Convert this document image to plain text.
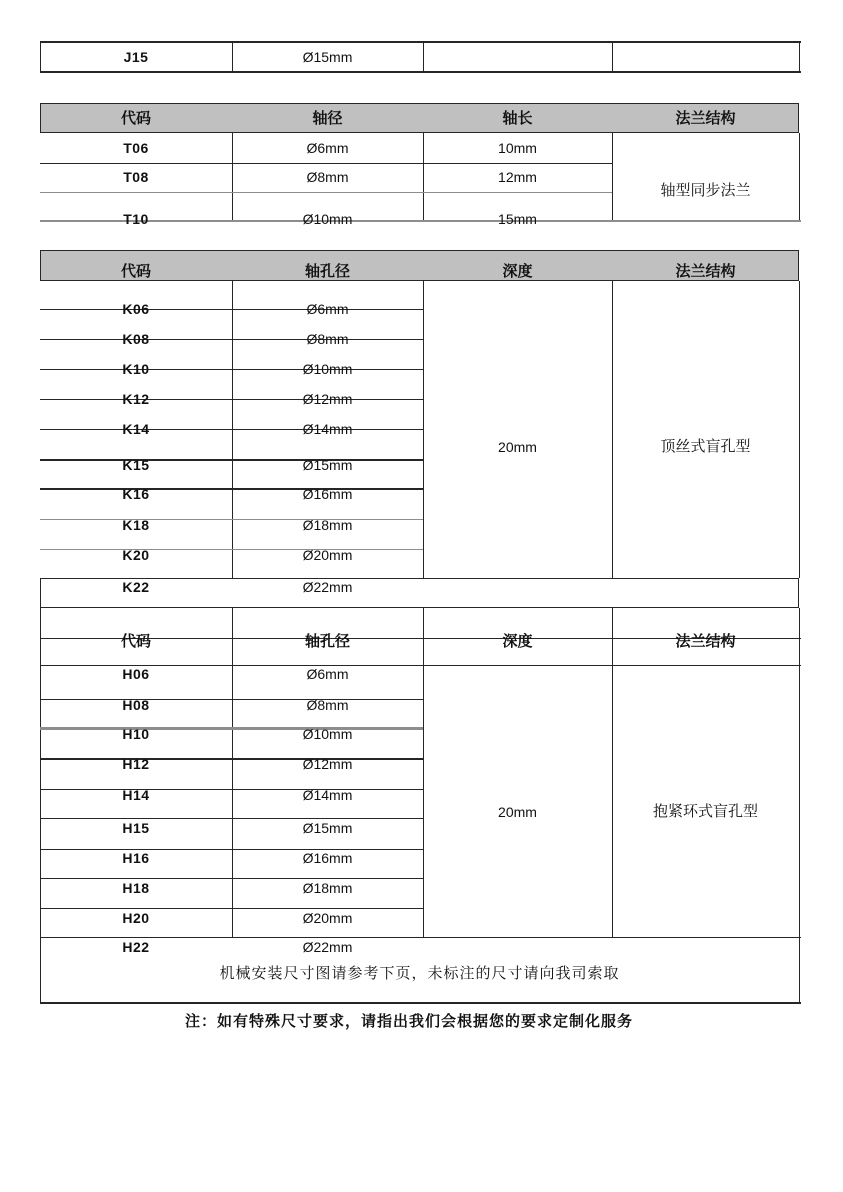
J15	Ø15mm
代码	轴径	轴长	法兰结构
T06	Ø6mm	10mm
T08	Ø8mm	12mm
T10	Ø10mm	15mm
轴型同步法兰
代码	轴孔径	深度	法兰结构
K06	Ø6mm
K08	Ø8mm
K10	Ø10mm
K12	Ø12mm
K14	Ø14mm
K15	Ø15mm
K16	Ø16mm
K18	Ø18mm
K20	Ø20mm
20mm	顶丝式盲孔型
K22	Ø22mm
代码	轴孔径	深度	法兰结构
H06	Ø6mm
H08	Ø8mm
H10	Ø10mm
H12	Ø12mm
H14	Ø14mm
H15	Ø15mm
H16	Ø16mm
H18	Ø18mm
H20	Ø20mm
20mm	抱紧环式盲孔型
H22	Ø22mm
机械安装尺寸图请参考下页，未标注的尺寸请向我司索取
注：如有特殊尺寸要求，请指出我们会根据您的要求定制化服务
